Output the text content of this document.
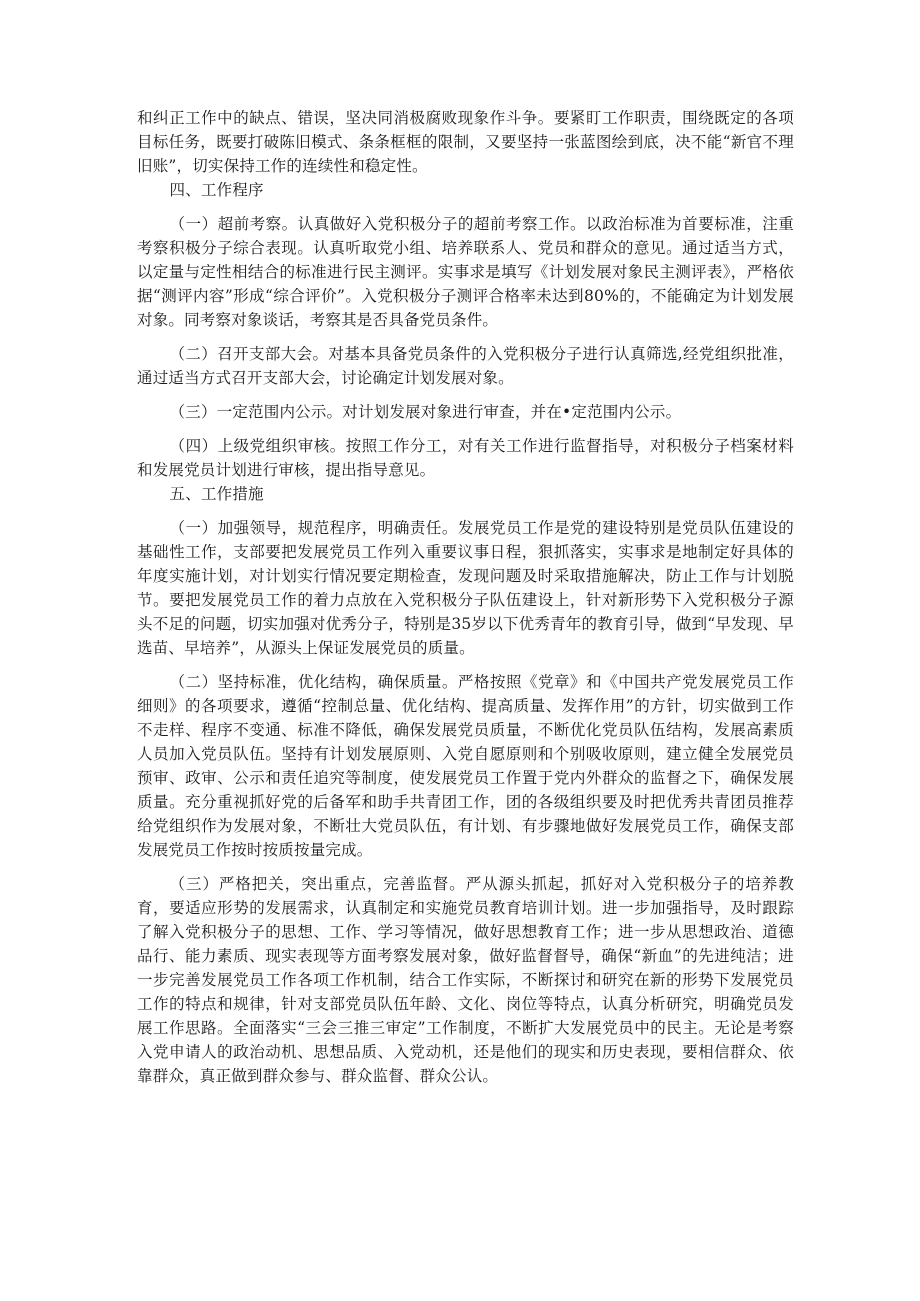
和纠正工作中的缺点、错误，坚决同消极腐败现象作斗争。要紧盯工作职责，围绕既定的各项目标任务，既要打破陈旧模式、条条框框的限制，又要坚持一张蓝图绘到底，决不能“新官不理旧账”，切实保持工作的连续性和稳定性。

四、工作程序

（一）超前考察。认真做好入党积极分子的超前考察工作。以政治标准为首要标准，注重考察积极分子综合表现。认真听取党小组、培养联系人、党员和群众的意见。通过适当方式，以定量与定性相结合的标准进行民主测评。实事求是填写《计划发展对象民主测评表》，严格依据“测评内容”形成“综合评价”。入党积极分子测评合格率未达到80%的，不能确定为计划发展对象。同考察对象谈话，考察其是否具备党员条件。

（二）召开支部大会。对基本具备党员条件的入党积极分子进行认真筛选,经党组织批准，通过适当方式召开支部大会，讨论确定计划发展对象。

（三）一定范围内公示。对计划发展对象进行审查，并在•定范围内公示。

（四）上级党组织审核。按照工作分工，对有关工作进行监督指导，对积极分子档案材料和发展党员计划进行审核，提出指导意见。

五、工作措施

（一）加强领导，规范程序，明确责任。发展党员工作是党的建设特别是党员队伍建设的基础性工作，支部要把发展党员工作列入重要议事日程，狠抓落实，实事求是地制定好具体的年度实施计划，对计划实行情况要定期检查，发现问题及时采取措施解决，防止工作与计划脱节。要把发展党员工作的着力点放在入党积极分子队伍建设上，针对新形势下入党积极分子源头不足的问题，切实加强对优秀分子，特别是35岁以下优秀青年的教育引导，做到“早发现、早选苗、早培养”，从源头上保证发展党员的质量。

（二）坚持标准，优化结构，确保质量。严格按照《党章》和《中国共产党发展党员工作细则》的各项要求，遵循“控制总量、优化结构、提高质量、发挥作用”的方针，切实做到工作不走样、程序不变通、标准不降低，确保发展党员质量，不断优化党员队伍结构，发展高素质人员加入党员队伍。坚持有计划发展原则、入党自愿原则和个别吸收原则，建立健全发展党员预审、政审、公示和责任追究等制度，使发展党员工作置于党内外群众的监督之下，确保发展质量。充分重视抓好党的后备军和助手共青团工作，团的各级组织要及时把优秀共青团员推荐给党组织作为发展对象，不断壮大党员队伍，有计划、有步骤地做好发展党员工作，确保支部发展党员工作按时按质按量完成。

（三）严格把关，突出重点，完善监督。严从源头抓起，抓好对入党积极分子的培养教育，要适应形势的发展需求，认真制定和实施党员教育培训计划。进一步加强指导，及时跟踪了解入党积极分子的思想、工作、学习等情况，做好思想教育工作；进一步从思想政治、道德品行、能力素质、现实表现等方面考察发展对象，做好监督督导，确保“新血”的先进纯洁；进一步完善发展党员工作各项工作机制，结合工作实际，不断探讨和研究在新的形势下发展党员工作的特点和规律，针对支部党员队伍年龄、文化、岗位等特点，认真分析研究，明确党员发展工作思路。全面落实“三会三推三审定”工作制度，不断扩大发展党员中的民主。无论是考察入党申请人的政治动机、思想品质、入党动机，还是他们的现实和历史表现，要相信群众、依靠群众，真正做到群众参与、群众监督、群众公认。
